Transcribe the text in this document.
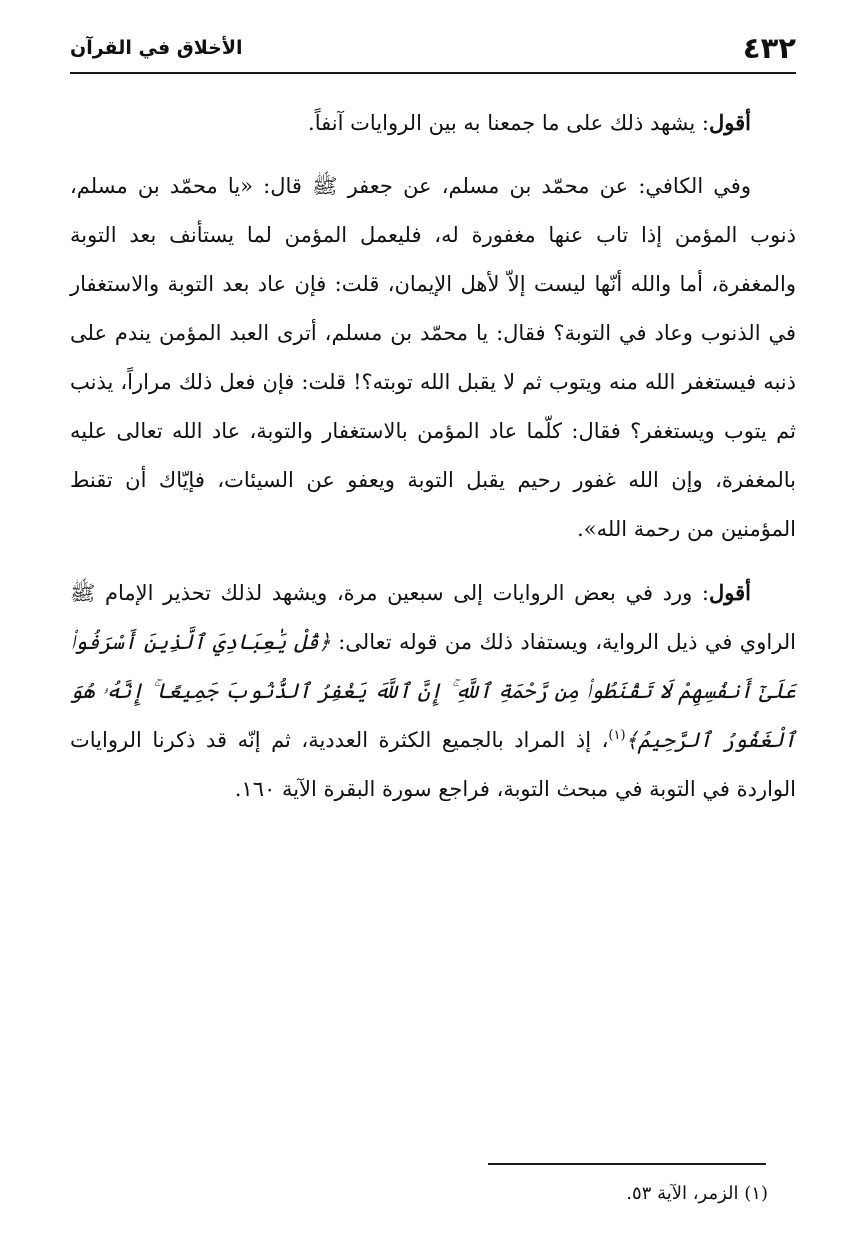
٤٣٢
الأخلاق في القرآن

أقول: يشهد ذلك على ما جمعنا به بين الروايات آنفاً.

وفي الكافي: عن محمّد بن مسلم، عن جعفر ﷺ قال: «يا محمّد بن مسلم، ذنوب المؤمن إذا تاب عنها مغفورة له، فليعمل المؤمن لما يستأنف بعد التوبة والمغفرة، أما والله أنّها ليست إلاّ لأهل الإيمان، قلت: فإن عاد بعد التوبة والاستغفار في الذنوب وعاد في التوبة؟ فقال: يا محمّد بن مسلم، أترى العبد المؤمن يندم على ذنبه فيستغفر الله منه ويتوب ثم لا يقبل الله توبته؟! قلت: فإن فعل ذلك مراراً، يذنب ثم يتوب ويستغفر؟ فقال: كلّما عاد المؤمن بالاستغفار والتوبة، عاد الله تعالى عليه بالمغفرة، وإن الله غفور رحيم يقبل التوبة ويعفو عن السيئات، فإيّاك أن تقنط المؤمنين من رحمة الله».

أقول: ورد في بعض الروايات إلى سبعين مرة، ويشهد لذلك تحذير الإمام ﷺ الراوي في ذيل الرواية، ويستفاد ذلك من قوله تعالى: ﴿قُلْ يَٰعِبَادِيَ ٱلَّذِينَ أَسْرَفُوا۟ عَلَىٰٓ أَنفُسِهِمْ لَا تَقْنَطُوا۟ مِن رَّحْمَةِ ٱللَّهِ ۚ إِنَّ ٱللَّهَ يَغْفِرُ ٱلذُّنُوبَ جَمِيعًا ۚ إِنَّهُۥ هُوَ ٱلْغَفُورُ ٱلرَّحِيمُ﴾$^{(١)}$، إذ المراد بالجميع الكثرة العددية، ثم إنّه قد ذكرنا الروايات الواردة في التوبة في مبحث التوبة، فراجع سورة البقرة الآية ١٦٠.

(١) الزمر، الآية ٥٣.
